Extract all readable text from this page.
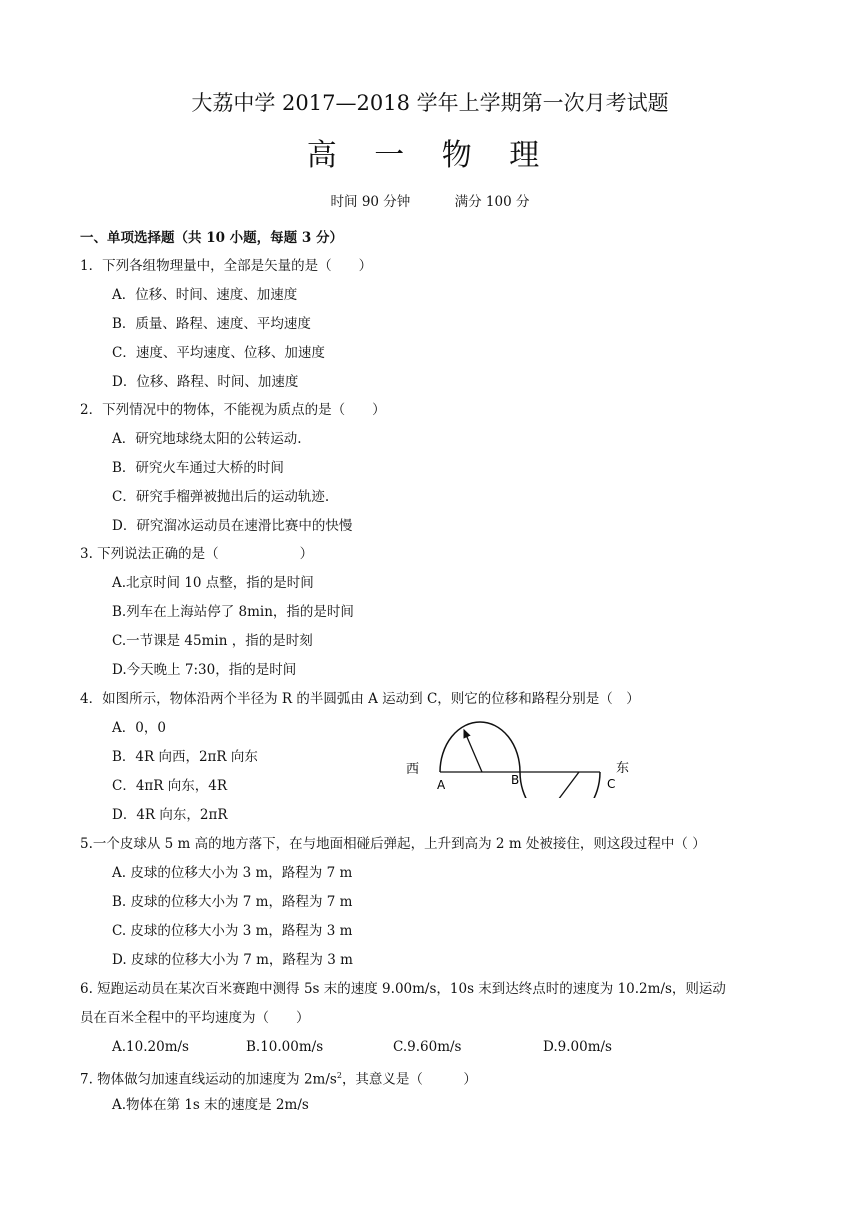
大荔中学 2017—2018 学年上学期第一次月考试题
高 一 物 理
时间 90 分钟	满分 100 分
一、单项选择题（共 10 小题，每题 3 分）
1．下列各组物理量中，全部是矢量的是（　　）
A．位移、时间、速度、加速度
B．质量、路程、速度、平均速度
C．速度、平均速度、位移、加速度
D．位移、路程、时间、加速度
2．下列情况中的物体，不能视为质点的是（　　）
A．研究地球绕太阳的公转运动.
B．研究火车通过大桥的时间
C．研究手榴弹被抛出后的运动轨迹.
D．研究溜冰运动员在速滑比赛中的快慢
3. 下列说法正确的是（　　　　　　）
A.北京时间 10 点整，指的是时间
B.列车在上海站停了 8min，指的是时间
C.一节课是 45min ，指的是时刻
D.今天晚上 7:30，指的是时间
4．如图所示，物体沿两个半径为 R 的半圆弧由 A 运动到 C，则它的位移和路程分别是（　）
A．0，0
B．4R 向西，2πR 向东
C．4πR 向东，4R
D．4R 向东，2πR
西
A	B	C
东
5.一个皮球从 5 m 高的地方落下，在与地面相碰后弹起，上升到高为 2 m 处被接住，则这段过程中（ ）
A. 皮球的位移大小为 3 m，路程为 7 m
B. 皮球的位移大小为 7 m，路程为 7 m
C. 皮球的位移大小为 3 m，路程为 3 m
D. 皮球的位移大小为 7 m，路程为 3 m
6. 短跑运动员在某次百米赛跑中测得 5s 末的速度 9.00m/s，10s 末到达终点时的速度为 10.2m/s，则运动
员在百米全程中的平均速度为（　　）
A.10.20m/s	B.10.00m/s	C.9.60m/s	D.9.00m/s
7. 物体做匀加速直线运动的加速度为 $2m/s^2$，其意义是（　　　）
A.物体在第 1s 末的速度是 2m/s
